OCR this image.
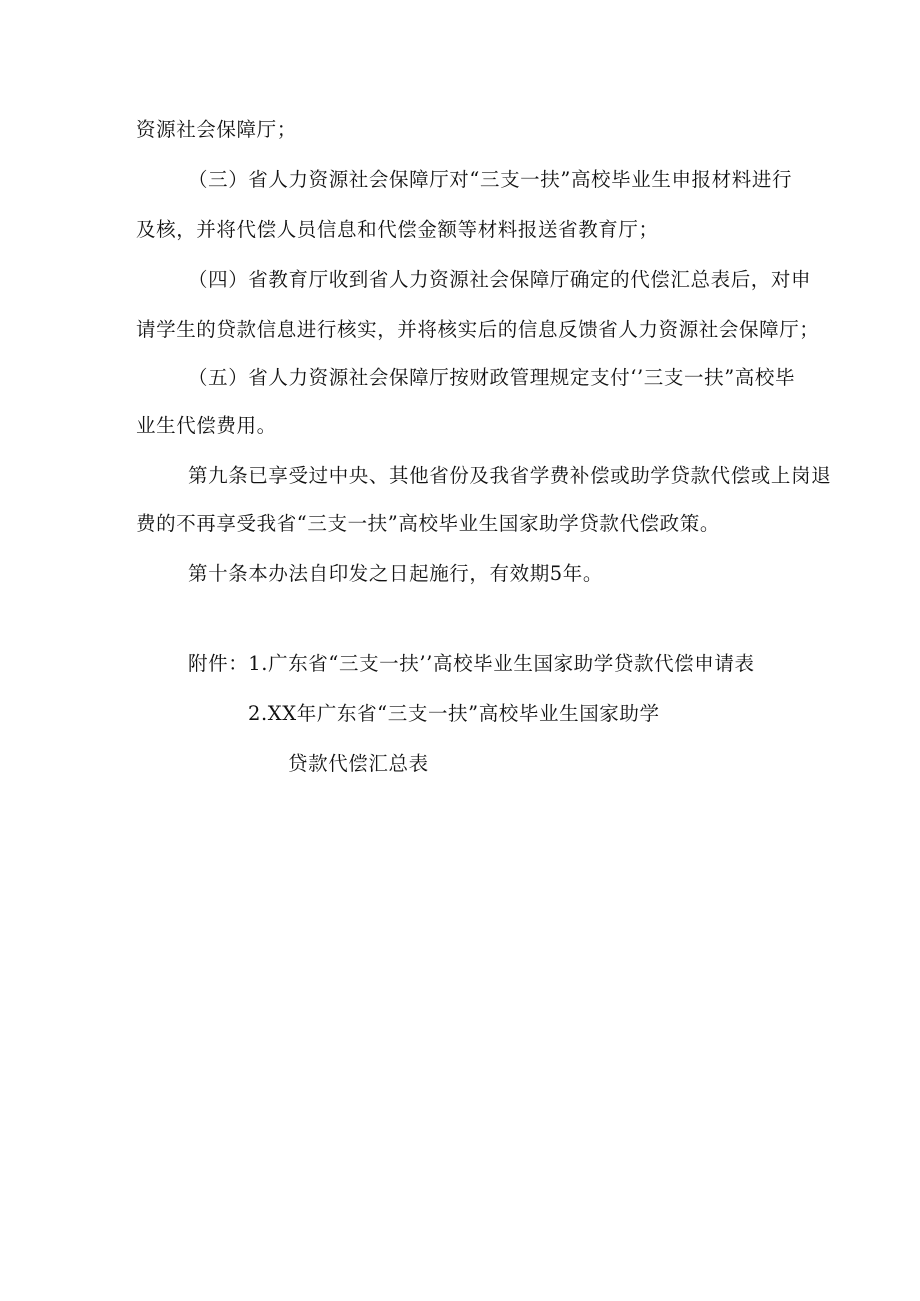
资源社会保障厅；
（三）省人力资源社会保障厅对“三支一扶”高校毕业生申报材料进行
及核，并将代偿人员信息和代偿金额等材料报送省教育厅；
（四）省教育厅收到省人力资源社会保障厅确定的代偿汇总表后，对申
请学生的贷款信息进行核实，并将核实后的信息反馈省人力资源社会保障厅；
（五）省人力资源社会保障厅按财政管理规定支付‘’三支一扶”高校毕
业生代偿费用。
第九条已享受过中央、其他省份及我省学费补偿或助学贷款代偿或上岗退
费的不再享受我省“三支一扶”高校毕业生国家助学贷款代偿政策。
第十条本办法自印发之日起施行，有效期5年。
附件：1.广东省“三支一扶’’高校毕业生国家助学贷款代偿申请表
2.XX年广东省“三支一扶”高校毕业生国家助学
贷款代偿汇总表
